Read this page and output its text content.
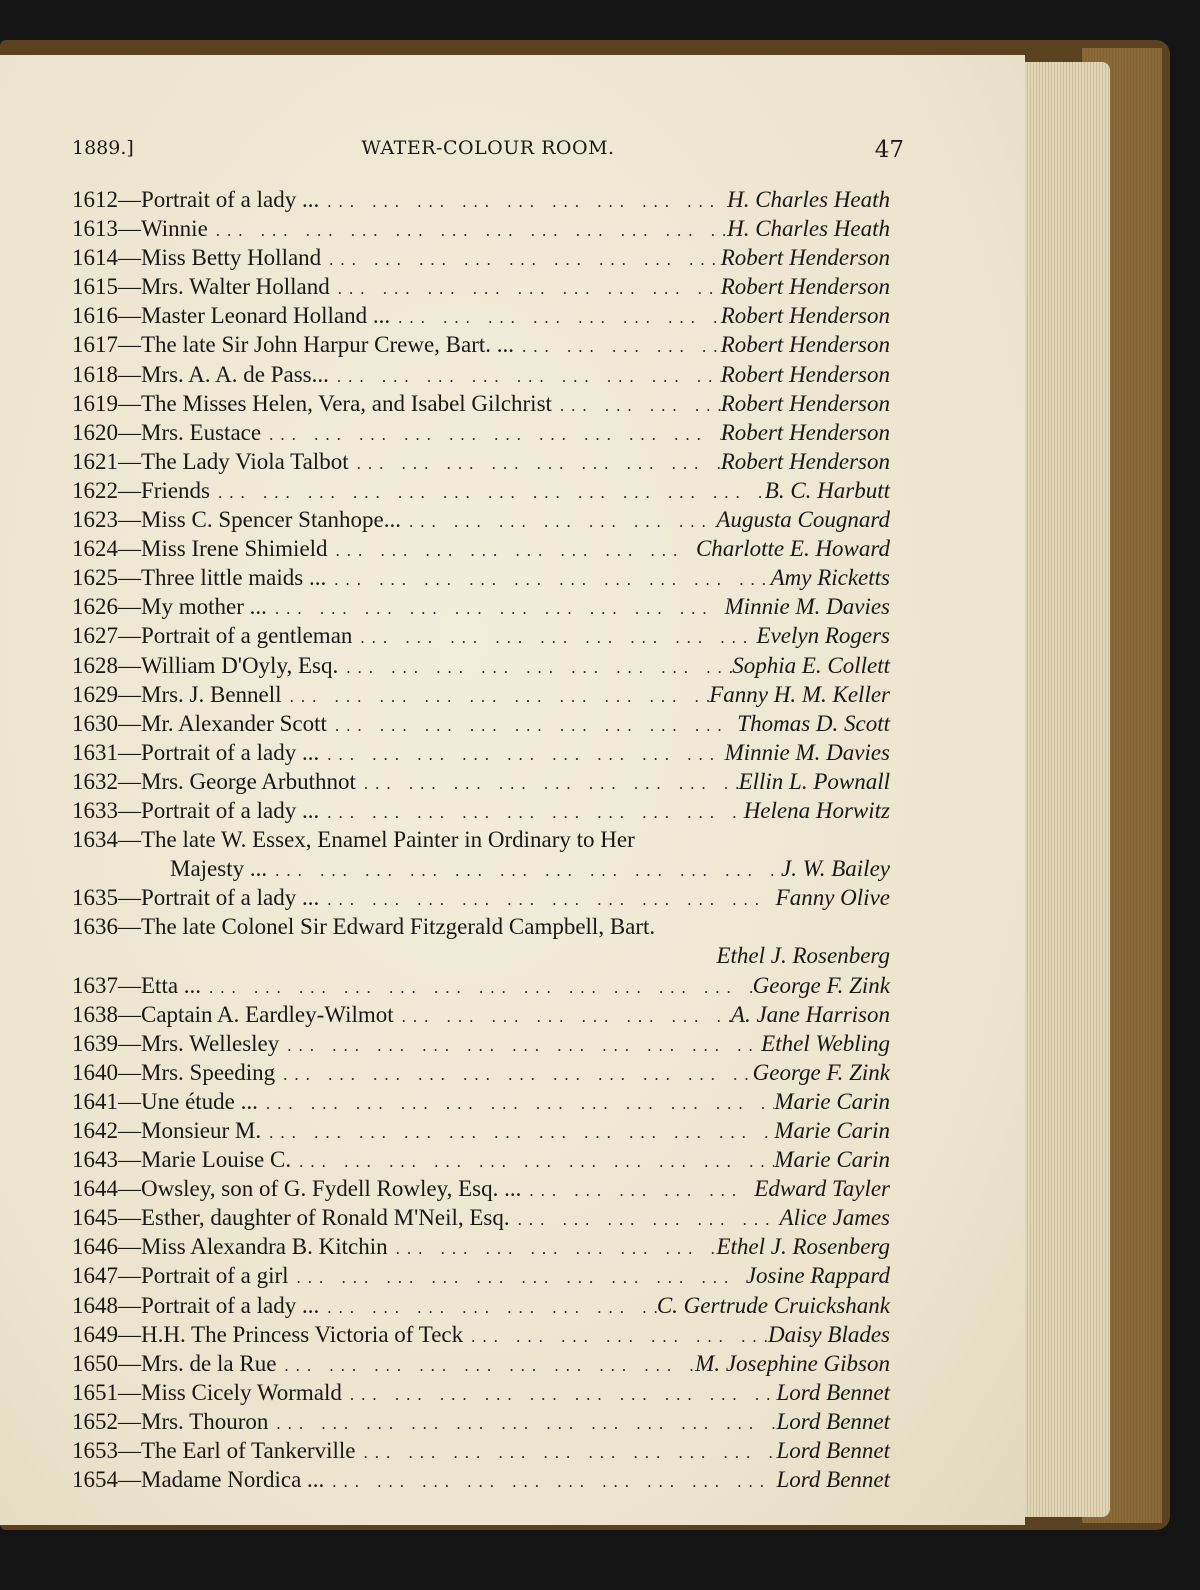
1889.]	WATER-COLOUR ROOM.	47
1612—Portrait of a lady ... ... .	H. Charles Heath
1613—Winnie ... .	H. Charles Heath
1614—Miss Betty Holland ... .	Robert Henderson
1615—Mrs. Walter Holland ... .	Robert Henderson
1616—Master Leonard Holland ... ... .	Robert Henderson
1617—The late Sir John Harpur Crewe, Bart. ... ... .	Robert Henderson
1618—Mrs. A. A. de Pass... ... .	Robert Henderson
1619—The Misses Helen, Vera, and Isabel Gilchrist ... .	Robert Henderson
1620—Mrs. Eustace ... .	Robert Henderson
1621—The Lady Viola Talbot ... .	Robert Henderson
1622—Friends ... .	B. C. Harbutt
1623—Miss C. Spencer Stanhope... ... .	Augusta Cougnard
1624—Miss Irene Shimield ... .	Charlotte E. Howard
1625—Three little maids ... ... .	Amy Ricketts
1626—My mother ... ... .	Minnie M. Davies
1627—Portrait of a gentleman ... .	Evelyn Rogers
1628—William D'Oyly, Esq. ... .	Sophia E. Collett
1629—Mrs. J. Bennell ... .	Fanny H. M. Keller
1630—Mr. Alexander Scott ... .	Thomas D. Scott
1631—Portrait of a lady ... ... .	Minnie M. Davies
1632—Mrs. George Arbuthnot ... .	Ellin L. Pownall
1633—Portrait of a lady ... ... .	Helena Horwitz
1634—The late W. Essex, Enamel Painter in Ordinary to Her
Majesty ... ... .	J. W. Bailey
1635—Portrait of a lady ... ... .	Fanny Olive
1636—The late Colonel Sir Edward Fitzgerald Campbell, Bart.
Ethel J. Rosenberg
1637—Etta ... ... .	George F. Zink
1638—Captain A. Eardley-Wilmot ... .	A. Jane Harrison
1639—Mrs. Wellesley ... .	Ethel Webling
1640—Mrs. Speeding ... .	George F. Zink
1641—Une étude ... ... .	Marie Carin
1642—Monsieur M. ... .	Marie Carin
1643—Marie Louise C. ... .	Marie Carin
1644—Owsley, son of G. Fydell Rowley, Esq. ... ... .	Edward Tayler
1645—Esther, daughter of Ronald M'Neil, Esq. ... .	Alice James
1646—Miss Alexandra B. Kitchin ... .	Ethel J. Rosenberg
1647—Portrait of a girl ... .	Josine Rappard
1648—Portrait of a lady ... ... .	C. Gertrude Cruickshank
1649—H.H. The Princess Victoria of Teck ... .	Daisy Blades
1650—Mrs. de la Rue ... .	M. Josephine Gibson
1651—Miss Cicely Wormald ... .	Lord Bennet
1652—Mrs. Thouron ... .	Lord Bennet
1653—The Earl of Tankerville ... .	Lord Bennet
1654—Madame Nordica ... ... .	Lord Bennet
